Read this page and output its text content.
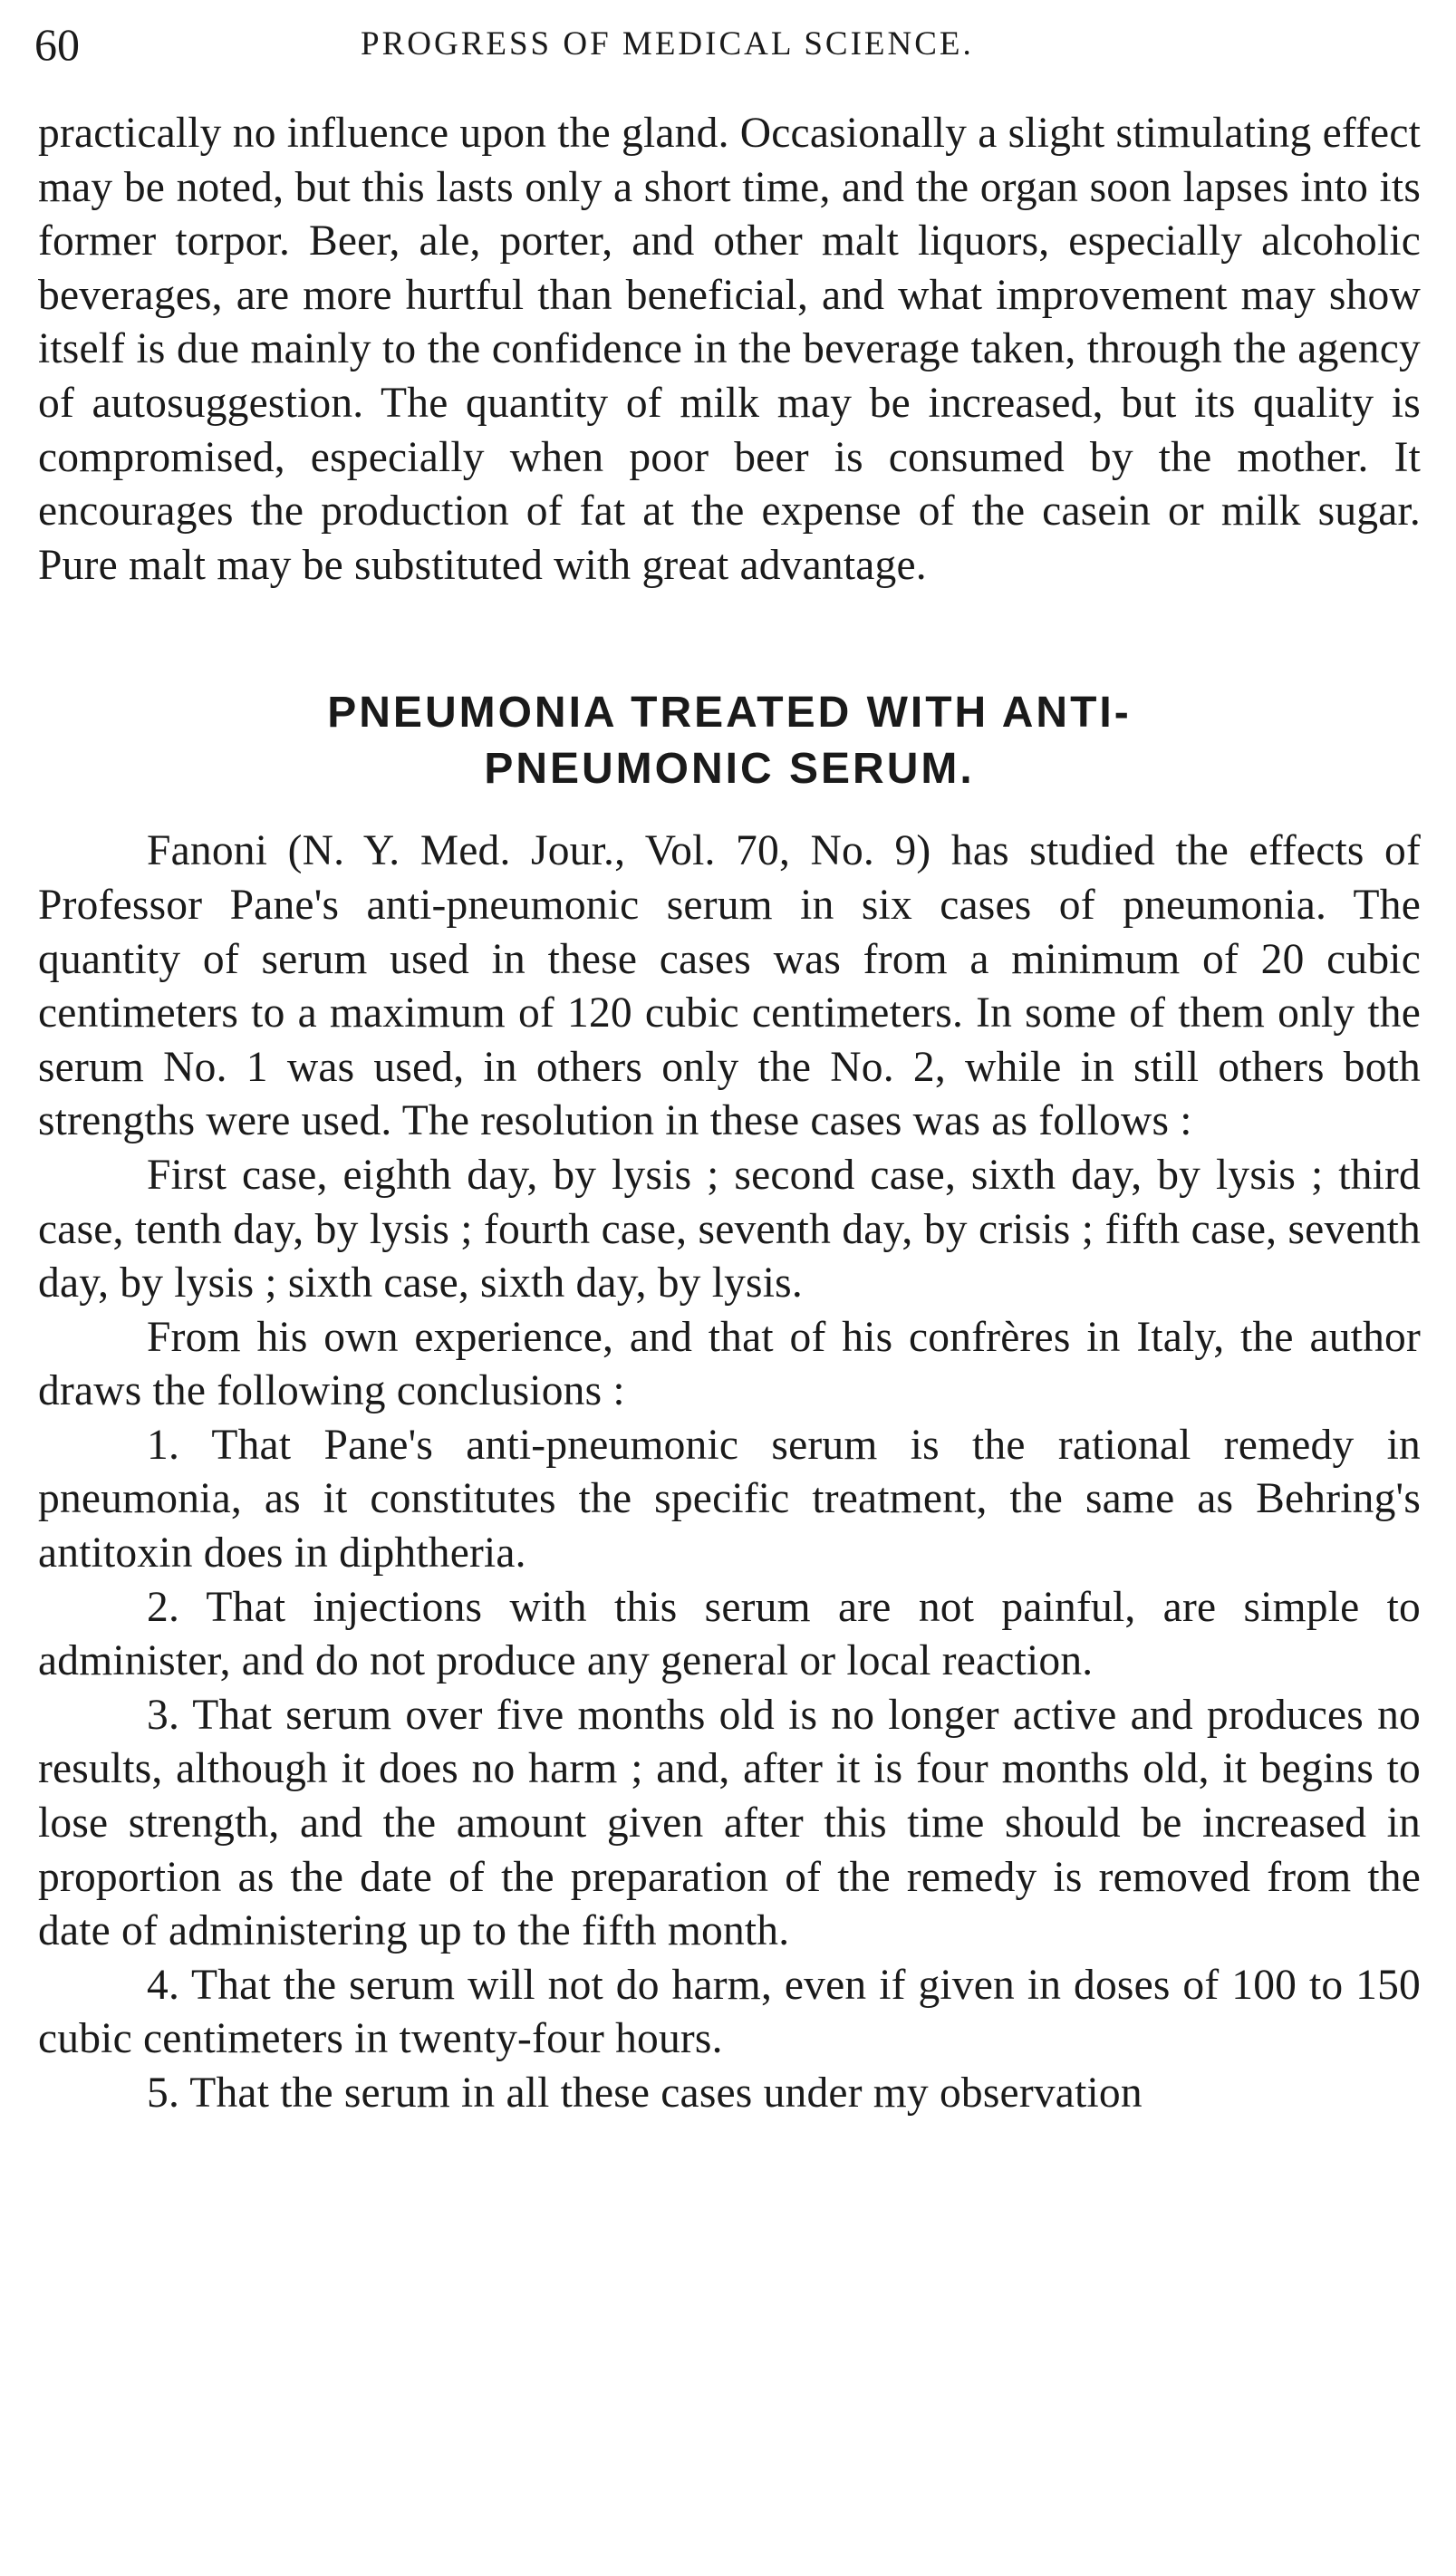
60	PROGRESS OF MEDICAL SCIENCE.

practically no influence upon the gland. Occasionally a slight stimulating effect may be noted, but this lasts only a short time, and the organ soon lapses into its former torpor. Beer, ale, porter, and other malt liquors, especially alcoholic beverages, are more hurtful than beneficial, and what improvement may show itself is due mainly to the confidence in the beverage taken, through the agency of autosuggestion. The quantity of milk may be increased, but its quality is compromised, especially when poor beer is consumed by the mother. It encourages the production of fat at the expense of the casein or milk sugar. Pure malt may be substituted with great advantage.

PNEUMONIA TREATED WITH ANTI-PNEUMONIC SERUM.

Fanoni (N. Y. Med. Jour., Vol. 70, No. 9) has studied the effects of Professor Pane's anti-pneumonic serum in six cases of pneumonia. The quantity of serum used in these cases was from a minimum of 20 cubic centimeters to a maximum of 120 cubic centimeters. In some of them only the serum No. 1 was used, in others only the No. 2, while in still others both strengths were used. The resolution in these cases was as follows :

First case, eighth day, by lysis ; second case, sixth day, by lysis ; third case, tenth day, by lysis ; fourth case, seventh day, by crisis ; fifth case, seventh day, by lysis ; sixth case, sixth day, by lysis.

From his own experience, and that of his confrères in Italy, the author draws the following conclusions :

1. That Pane's anti-pneumonic serum is the rational remedy in pneumonia, as it constitutes the specific treatment, the same as Behring's antitoxin does in diphtheria.

2. That injections with this serum are not painful, are simple to administer, and do not produce any general or local reaction.

3. That serum over five months old is no longer active and produces no results, although it does no harm ; and, after it is four months old, it begins to lose strength, and the amount given after this time should be increased in proportion as the date of the preparation of the remedy is removed from the date of administering up to the fifth month.

4. That the serum will not do harm, even if given in doses of 100 to 150 cubic centimeters in twenty-four hours.

5. That the serum in all these cases under my observation
